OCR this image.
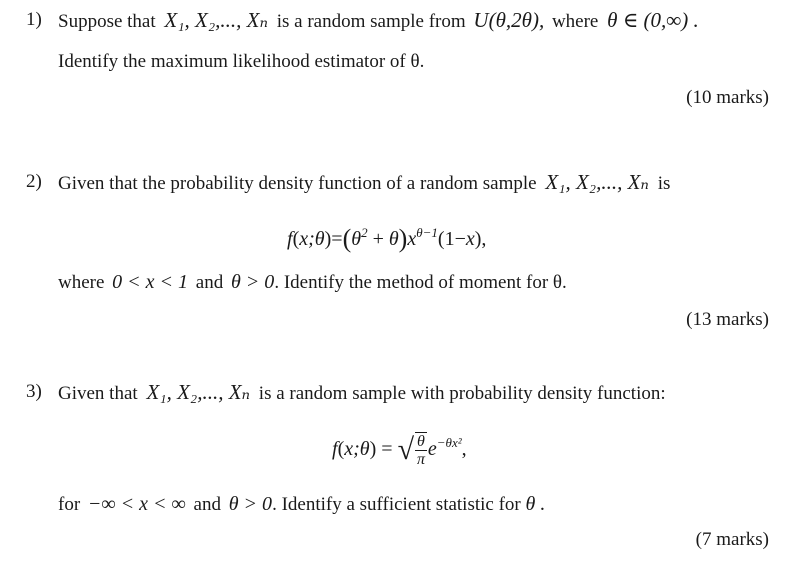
1) Suppose that X₁, X₂,..., Xₙ is a random sample from U(θ,2θ), where θ ∈ (0,∞) .
Identify the maximum likelihood estimator of θ.
(10 marks)
2) Given that the probability density function of a random sample X₁, X₂,..., Xₙ is
$f(x;\theta)=(\theta^2 + \theta)x^{\theta-1}(1-x)$,
where 0 < x < 1 and θ > 0. Identify the method of moment for θ.
(13 marks)
3) Given that X₁, X₂,..., Xₙ is a random sample with probability density function:
f(x;θ) = √ $\frac{\theta}{\pi} e^{-\theta x^2}$,
for −∞ < x < ∞ and θ > 0. Identify a sufficient statistic for θ .
(7 marks)
